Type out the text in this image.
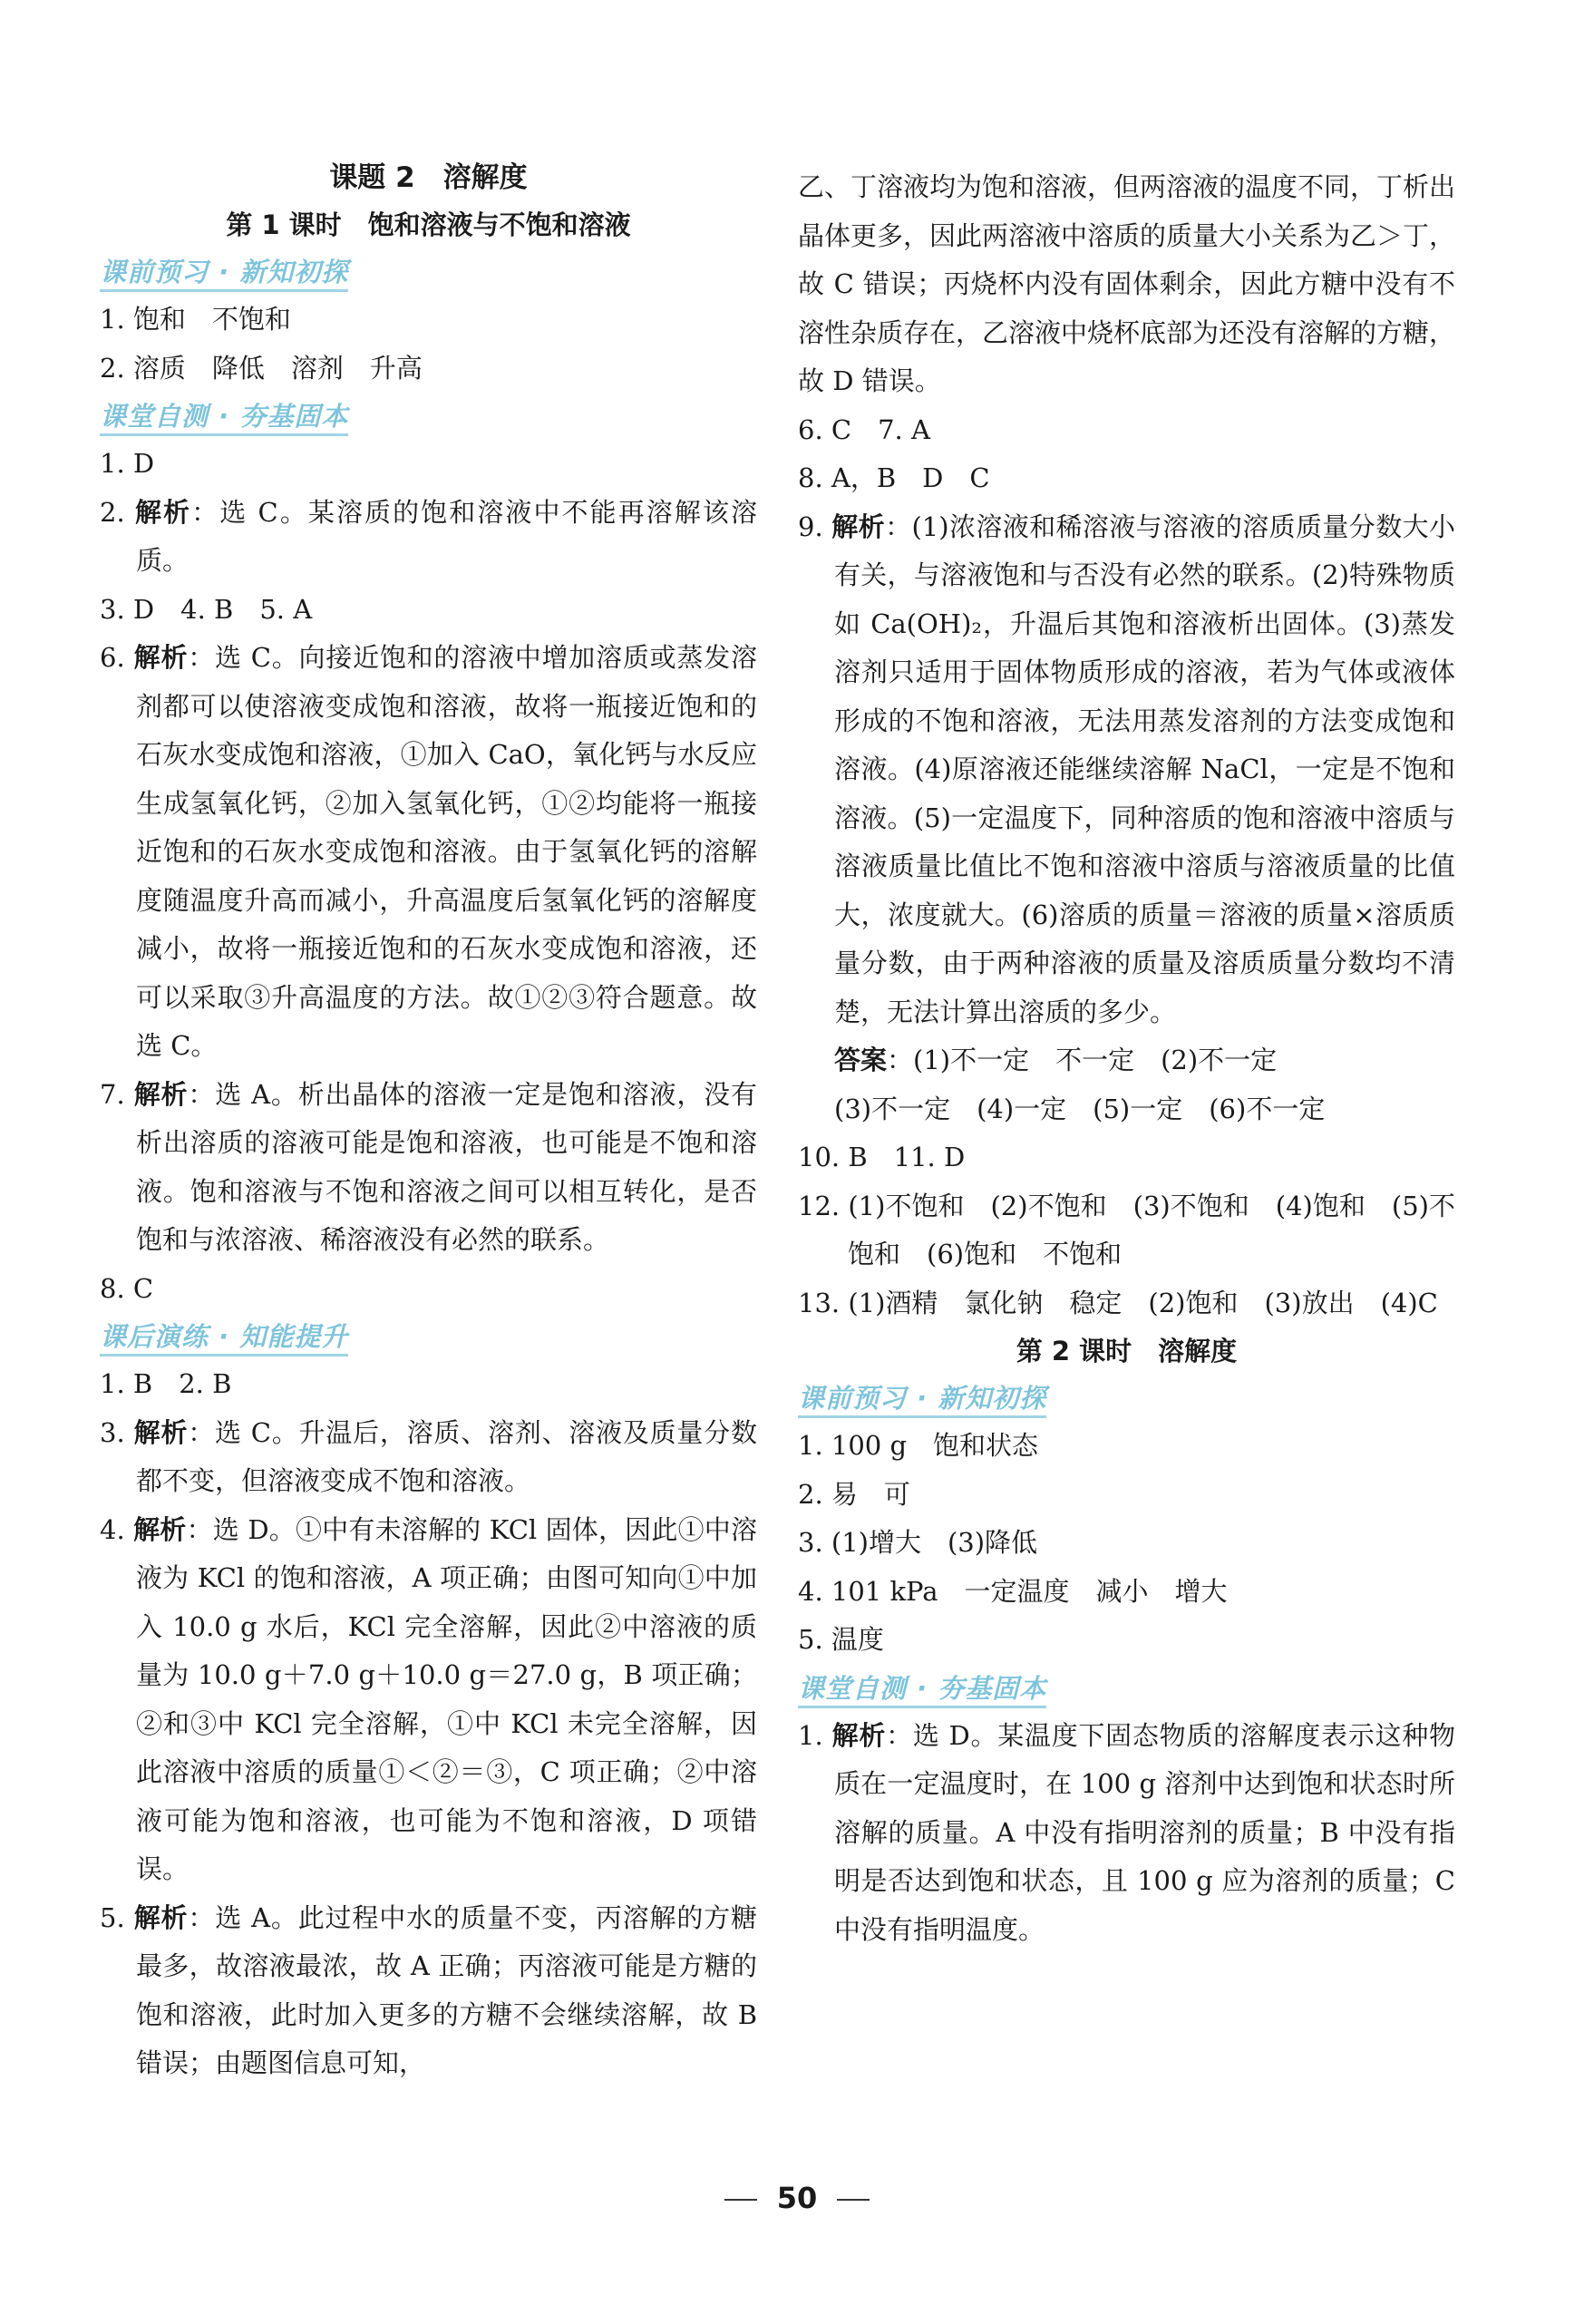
课题 2　溶解度
第 1 课时　饱和溶液与不饱和溶液
课前预习 · 新知初探
1. 饱和　不饱和
2. 溶质　降低　溶剂　升高
课堂自测 · 夯基固本
1. D
2. 解析：选 C。某溶质的饱和溶液中不能再溶解该溶质。
3. D　4. B　5. A
6. 解析：选 C。向接近饱和的溶液中增加溶质或蒸发溶剂都可以使溶液变成饱和溶液，故将一瓶接近饱和的石灰水变成饱和溶液，①加入 CaO，氧化钙与水反应生成氢氧化钙，②加入氢氧化钙，①②均能将一瓶接近饱和的石灰水变成饱和溶液。由于氢氧化钙的溶解度随温度升高而减小，升高温度后氢氧化钙的溶解度减小，故将一瓶接近饱和的石灰水变成饱和溶液，还可以采取③升高温度的方法。故①②③符合题意。故选 C。
7. 解析：选 A。析出晶体的溶液一定是饱和溶液，没有析出溶质的溶液可能是饱和溶液，也可能是不饱和溶液。饱和溶液与不饱和溶液之间可以相互转化，是否饱和与浓溶液、稀溶液没有必然的联系。
8. C
课后演练 · 知能提升
1. B　2. B
3. 解析：选 C。升温后，溶质、溶剂、溶液及质量分数都不变，但溶液变成不饱和溶液。
4. 解析：选 D。①中有未溶解的 KCl 固体，因此①中溶液为 KCl 的饱和溶液，A 项正确；由图可知向①中加入 10.0 g 水后，KCl 完全溶解，因此②中溶液的质量为 10.0 g＋7.0 g＋10.0 g＝27.0 g，B 项正确；②和③中 KCl 完全溶解，①中 KCl 未完全溶解，因此溶液中溶质的质量①＜②＝③，C 项正确；②中溶液可能为饱和溶液，也可能为不饱和溶液，D 项错误。
5. 解析：选 A。此过程中水的质量不变，丙溶解的方糖最多，故溶液最浓，故 A 正确；丙溶液可能是方糖的饱和溶液，此时加入更多的方糖不会继续溶解，故 B 错误；由题图信息可知，
乙、丁溶液均为饱和溶液，但两溶液的温度不同，丁析出晶体更多，因此两溶液中溶质的质量大小关系为乙＞丁，故 C 错误；丙烧杯内没有固体剩余，因此方糖中没有不溶性杂质存在，乙溶液中烧杯底部为还没有溶解的方糖，故 D 错误。
6. C　7. A
8. A，B　D　C
9. 解析：(1)浓溶液和稀溶液与溶液的溶质质量分数大小有关，与溶液饱和与否没有必然的联系。(2)特殊物质如 Ca(OH)₂，升温后其饱和溶液析出固体。(3)蒸发溶剂只适用于固体物质形成的溶液，若为气体或液体形成的不饱和溶液，无法用蒸发溶剂的方法变成饱和溶液。(4)原溶液还能继续溶解 NaCl，一定是不饱和溶液。(5)一定温度下，同种溶质的饱和溶液中溶质与溶液质量比值比不饱和溶液中溶质与溶液质量的比值大，浓度就大。(6)溶质的质量＝溶液的质量×溶质质量分数，由于两种溶液的质量及溶质质量分数均不清楚，无法计算出溶质的多少。
答案：(1)不一定　不一定　(2)不一定
(3)不一定　(4)一定　(5)一定　(6)不一定
10. B　11. D
12. (1)不饱和　(2)不饱和　(3)不饱和　(4)饱和　(5)不饱和　(6)饱和　不饱和
13. (1)酒精　氯化钠　稳定　(2)饱和　(3)放出　(4)C
第 2 课时　溶解度
课前预习 · 新知初探
1. 100 g　饱和状态
2. 易　可
3. (1)增大　(3)降低
4. 101 kPa　一定温度　减小　增大
5. 温度
课堂自测 · 夯基固本
1. 解析：选 D。某温度下固态物质的溶解度表示这种物质在一定温度时，在 100 g 溶剂中达到饱和状态时所溶解的质量。A 中没有指明溶剂的质量；B 中没有指明是否达到饱和状态，且 100 g 应为溶剂的质量；C 中没有指明温度。
50
